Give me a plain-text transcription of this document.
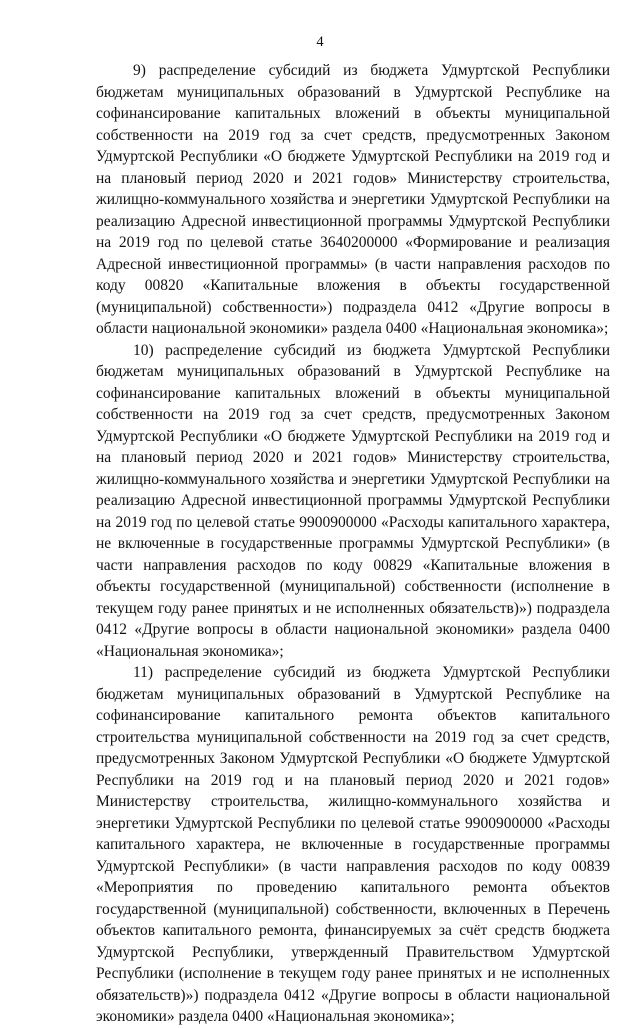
4

9) распределение субсидий из бюджета Удмуртской Республики бюджетам муниципальных образований в Удмуртской Республике на софинансирование капитальных вложений в объекты муниципальной собственности на 2019 год за счет средств, предусмотренных Законом Удмуртской Республики «О бюджете Удмуртской Республики на 2019 год и на плановый период 2020 и 2021 годов» Министерству строительства, жилищно-коммунального хозяйства и энергетики Удмуртской Республики на реализацию Адресной инвестиционной программы Удмуртской Республики на 2019 год по целевой статье 3640200000 «Формирование и реализация Адресной инвестиционной программы» (в части направления расходов по коду 00820 «Капитальные вложения в объекты государственной (муниципальной) собственности») подраздела 0412 «Другие вопросы в области национальной экономики» раздела 0400 «Национальная экономика»;

10) распределение субсидий из бюджета Удмуртской Республики бюджетам муниципальных образований в Удмуртской Республике на софинансирование капитальных вложений в объекты муниципальной собственности на 2019 год за счет средств, предусмотренных Законом Удмуртской Республики «О бюджете Удмуртской Республики на 2019 год и на плановый период 2020 и 2021 годов» Министерству строительства, жилищно-коммунального хозяйства и энергетики Удмуртской Республики на реализацию Адресной инвестиционной программы Удмуртской Республики на 2019 год по целевой статье 9900900000 «Расходы капитального характера, не включенные в государственные программы Удмуртской Республики» (в части направления расходов по коду 00829 «Капитальные вложения в объекты государственной (муниципальной) собственности (исполнение в текущем году ранее принятых и не исполненных обязательств)») подраздела 0412 «Другие вопросы в области национальной экономики» раздела 0400 «Национальная экономика»;

11) распределение субсидий из бюджета Удмуртской Республики бюджетам муниципальных образований в Удмуртской Республике на софинансирование капитального ремонта объектов капитального строительства муниципальной собственности на 2019 год за счет средств, предусмотренных Законом Удмуртской Республики «О бюджете Удмуртской Республики на 2019 год и на плановый период 2020 и 2021 годов» Министерству строительства, жилищно-коммунального хозяйства и энергетики Удмуртской Республики по целевой статье 9900900000 «Расходы капитального характера, не включенные в государственные программы Удмуртской Республики» (в части направления расходов по коду 00839 «Мероприятия по проведению капитального ремонта объектов государственной (муниципальной) собственности, включенных в Перечень объектов капитального ремонта, финансируемых за счёт средств бюджета Удмуртской Республики, утвержденный Правительством Удмуртской Республики (исполнение в текущем году ранее принятых и не исполненных обязательств)») подраздела 0412 «Другие вопросы в области национальной экономики» раздела 0400 «Национальная экономика»;
